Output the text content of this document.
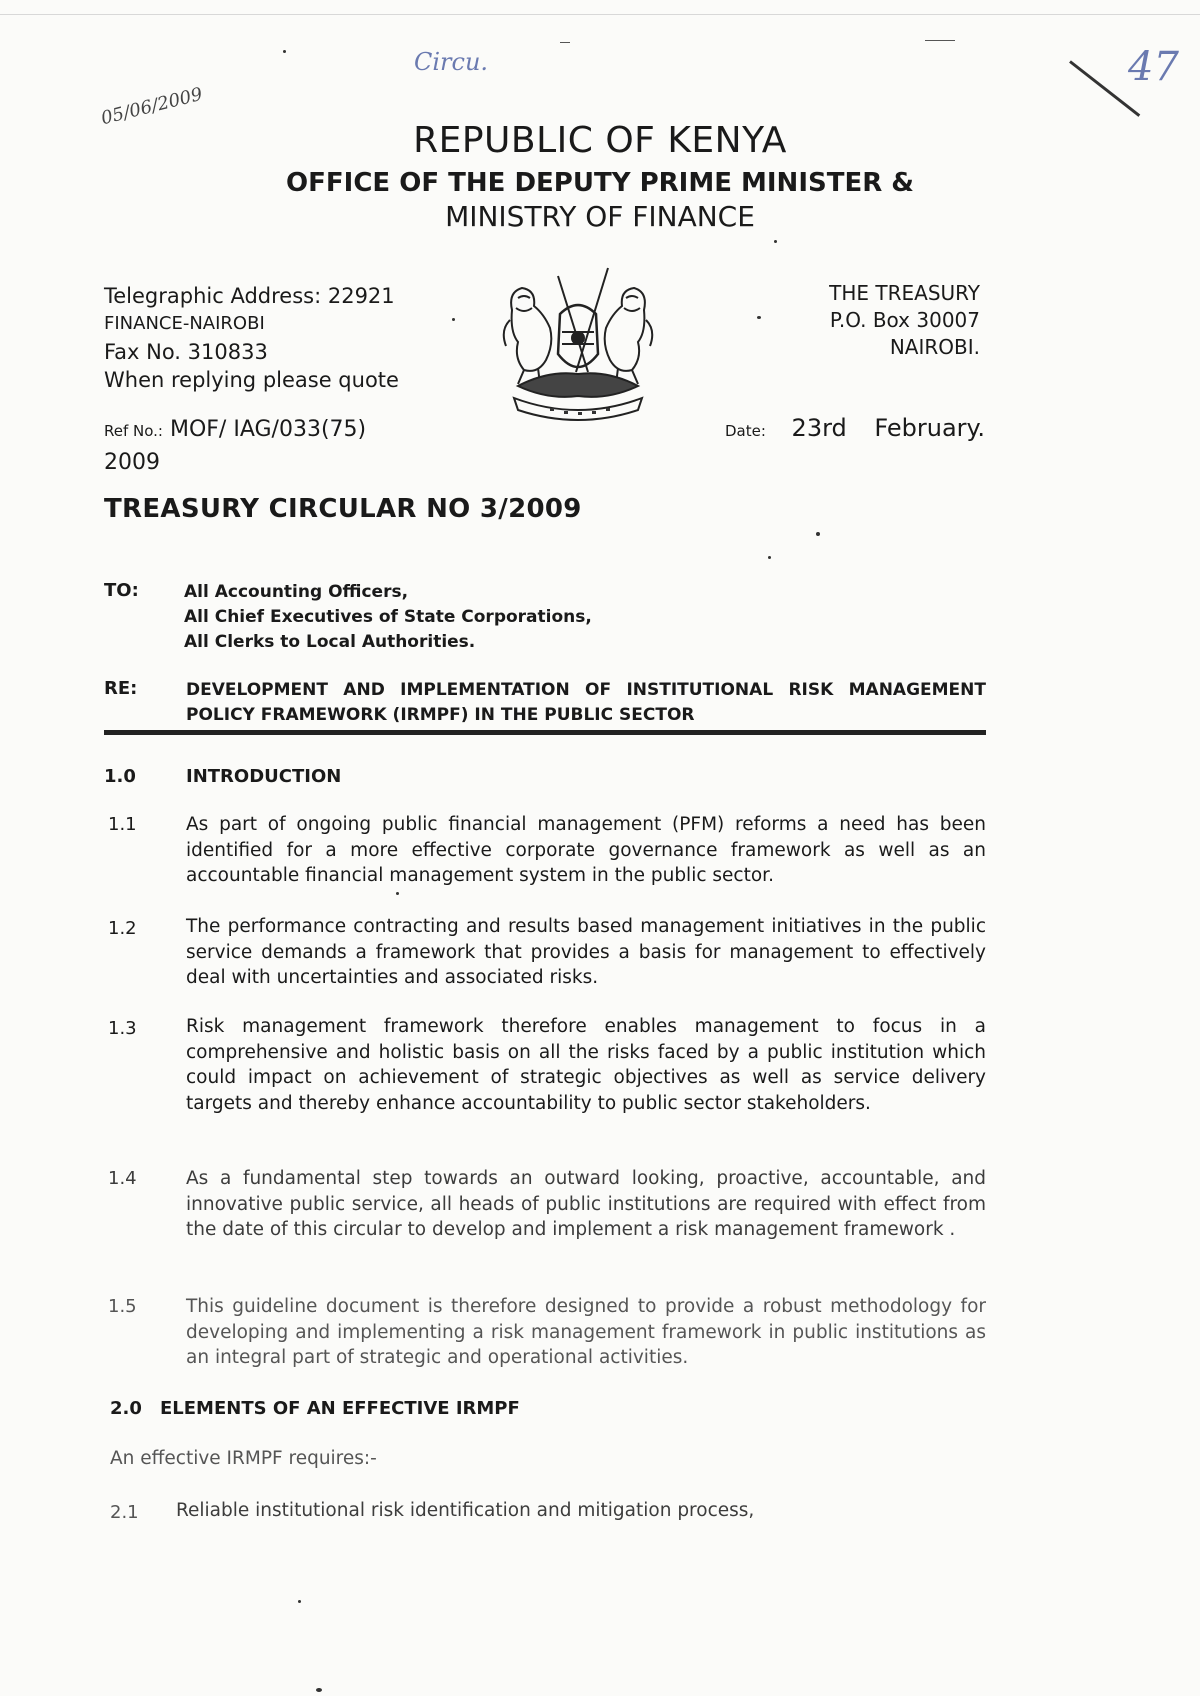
05/06/2009
Circu.	47
REPUBLIC OF KENYA
OFFICE OF THE DEPUTY PRIME MINISTER &
MINISTRY OF FINANCE
Telegraphic Address: 22921
FINANCE-NAIROBI
Fax No. 310833
When replying please quote
THE TREASURY
P.O. Box 30007
NAIROBI.
Ref No.: MOF/ IAG/033(75)
2009
Date: 23rd February.
TREASURY CIRCULAR NO 3/2009
TO:	All Accounting Officers,
All Chief Executives of State Corporations,
All Clerks to Local Authorities.
RE:	DEVELOPMENT AND IMPLEMENTATION OF INSTITUTIONAL RISK MANAGEMENT POLICY FRAMEWORK (IRMPF) IN THE PUBLIC SECTOR
1.0	INTRODUCTION
1.1	As part of ongoing public financial management (PFM) reforms a need has been identified for a more effective corporate governance framework as well as an accountable financial management system in the public sector.
1.2	The performance contracting and results based management initiatives in the public service demands a framework that provides a basis for management to effectively deal with uncertainties and associated risks.
1.3	Risk management framework therefore enables management to focus in a comprehensive and holistic basis on all the risks faced by a public institution which could impact on achievement of strategic objectives as well as service delivery targets and thereby enhance accountability to public sector stakeholders.
1.4	As a fundamental step towards an outward looking, proactive, accountable, and innovative public service, all heads of public institutions are required with effect from the date of this circular to develop and implement a risk management framework .
1.5	This guideline document is therefore designed to provide a robust methodology for developing and implementing a risk management framework in public institutions as an integral part of strategic and operational activities.
2.0 ELEMENTS OF AN EFFECTIVE IRMPF
An effective IRMPF requires:-
2.1 Reliable institutional risk identification and mitigation process,
